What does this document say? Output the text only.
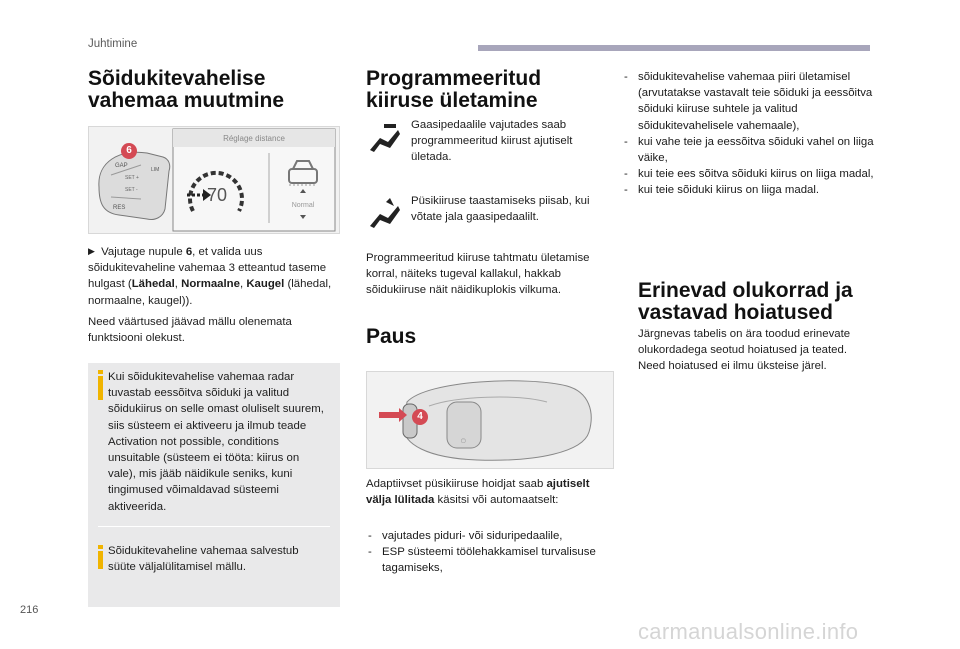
Juhtimine
Sõidukitevahelise vahemaa muutmine
GAP
SET +
SET -
RES
LIM
Réglage distance
70
Normal
6
▶ Vajutage nupule 6, et valida uus sõidukitevaheline vahemaa 3 etteantud taseme hulgast (Lähedal, Normaalne, Kaugel (lähedal, normaalne, kaugel)).
Need väärtused jäävad mällu olenemata funktsiooni olekust.
Kui sõidukitevahelise vahemaa radar tuvastab eessõitva sõiduki ja valitud sõidukiirus on selle omast oluliselt suurem, siis süsteem ei aktiveeru ja ilmub teade Activation not possible, conditions unsuitable (süsteem ei tööta: kiirus on vale), mis jääb näidikule seniks, kuni tingimused võimaldavad süsteemi aktiveerida.
Sõidukitevaheline vahemaa salvestub süüte väljalülitamisel mällu.
Programmeeritud kiiruse ületamine
Gaasipedaalile vajutades saab programmeeritud kiirust ajutiselt ületada.
Püsikiiruse taastamiseks piisab, kui võtate jala gaasipedaalilt.
Programmeeritud kiiruse tahtmatu ületamise korral, näiteks tugeval kallakul, hakkab sõidukiiruse näit näidikuplokis vilkuma.
Paus
▢
4
Adaptiivset püsikiiruse hoidjat saab ajutiselt välja lülitada käsitsi või automaatselt:
- vajutades piduri- või siduripedaalile,
- ESP süsteemi töölehakkamisel turvalisuse tagamiseks,
- sõidukitevahelise vahemaa piiri ületamisel (arvutatakse vastavalt teie sõiduki ja eessõitva sõiduki kiiruse suhtele ja valitud sõidukitevahelisele vahemaale),
- kui vahe teie ja eessõitva sõiduki vahel on liiga väike,
- kui teie ees sõitva sõiduki kiirus on liiga madal,
- kui teie sõiduki kiirus on liiga madal.
Erinevad olukorrad ja vastavad hoiatused
Järgnevas tabelis on ära toodud erinevate olukordadega seotud hoiatused ja teated. Need hoiatused ei ilmu üksteise järel.
216
carmanualsonline.info
